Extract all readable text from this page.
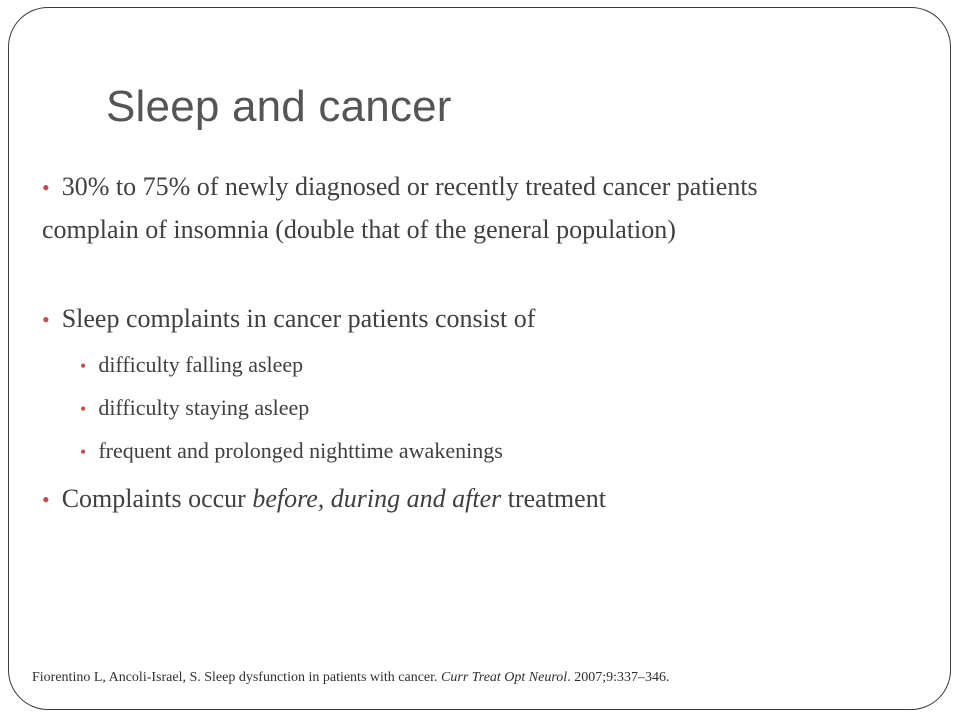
Sleep and cancer
• 30% to 75% of newly diagnosed or recently treated cancer patients complain of insomnia (double that of the general population)
• Sleep complaints in cancer patients consist of
• difficulty falling asleep
• difficulty staying asleep
• frequent and prolonged nighttime awakenings
• Complaints occur before, during and after treatment
Fiorentino L, Ancoli-Israel, S. Sleep dysfunction in patients with cancer. Curr Treat Opt Neurol. 2007;9:337–346.
